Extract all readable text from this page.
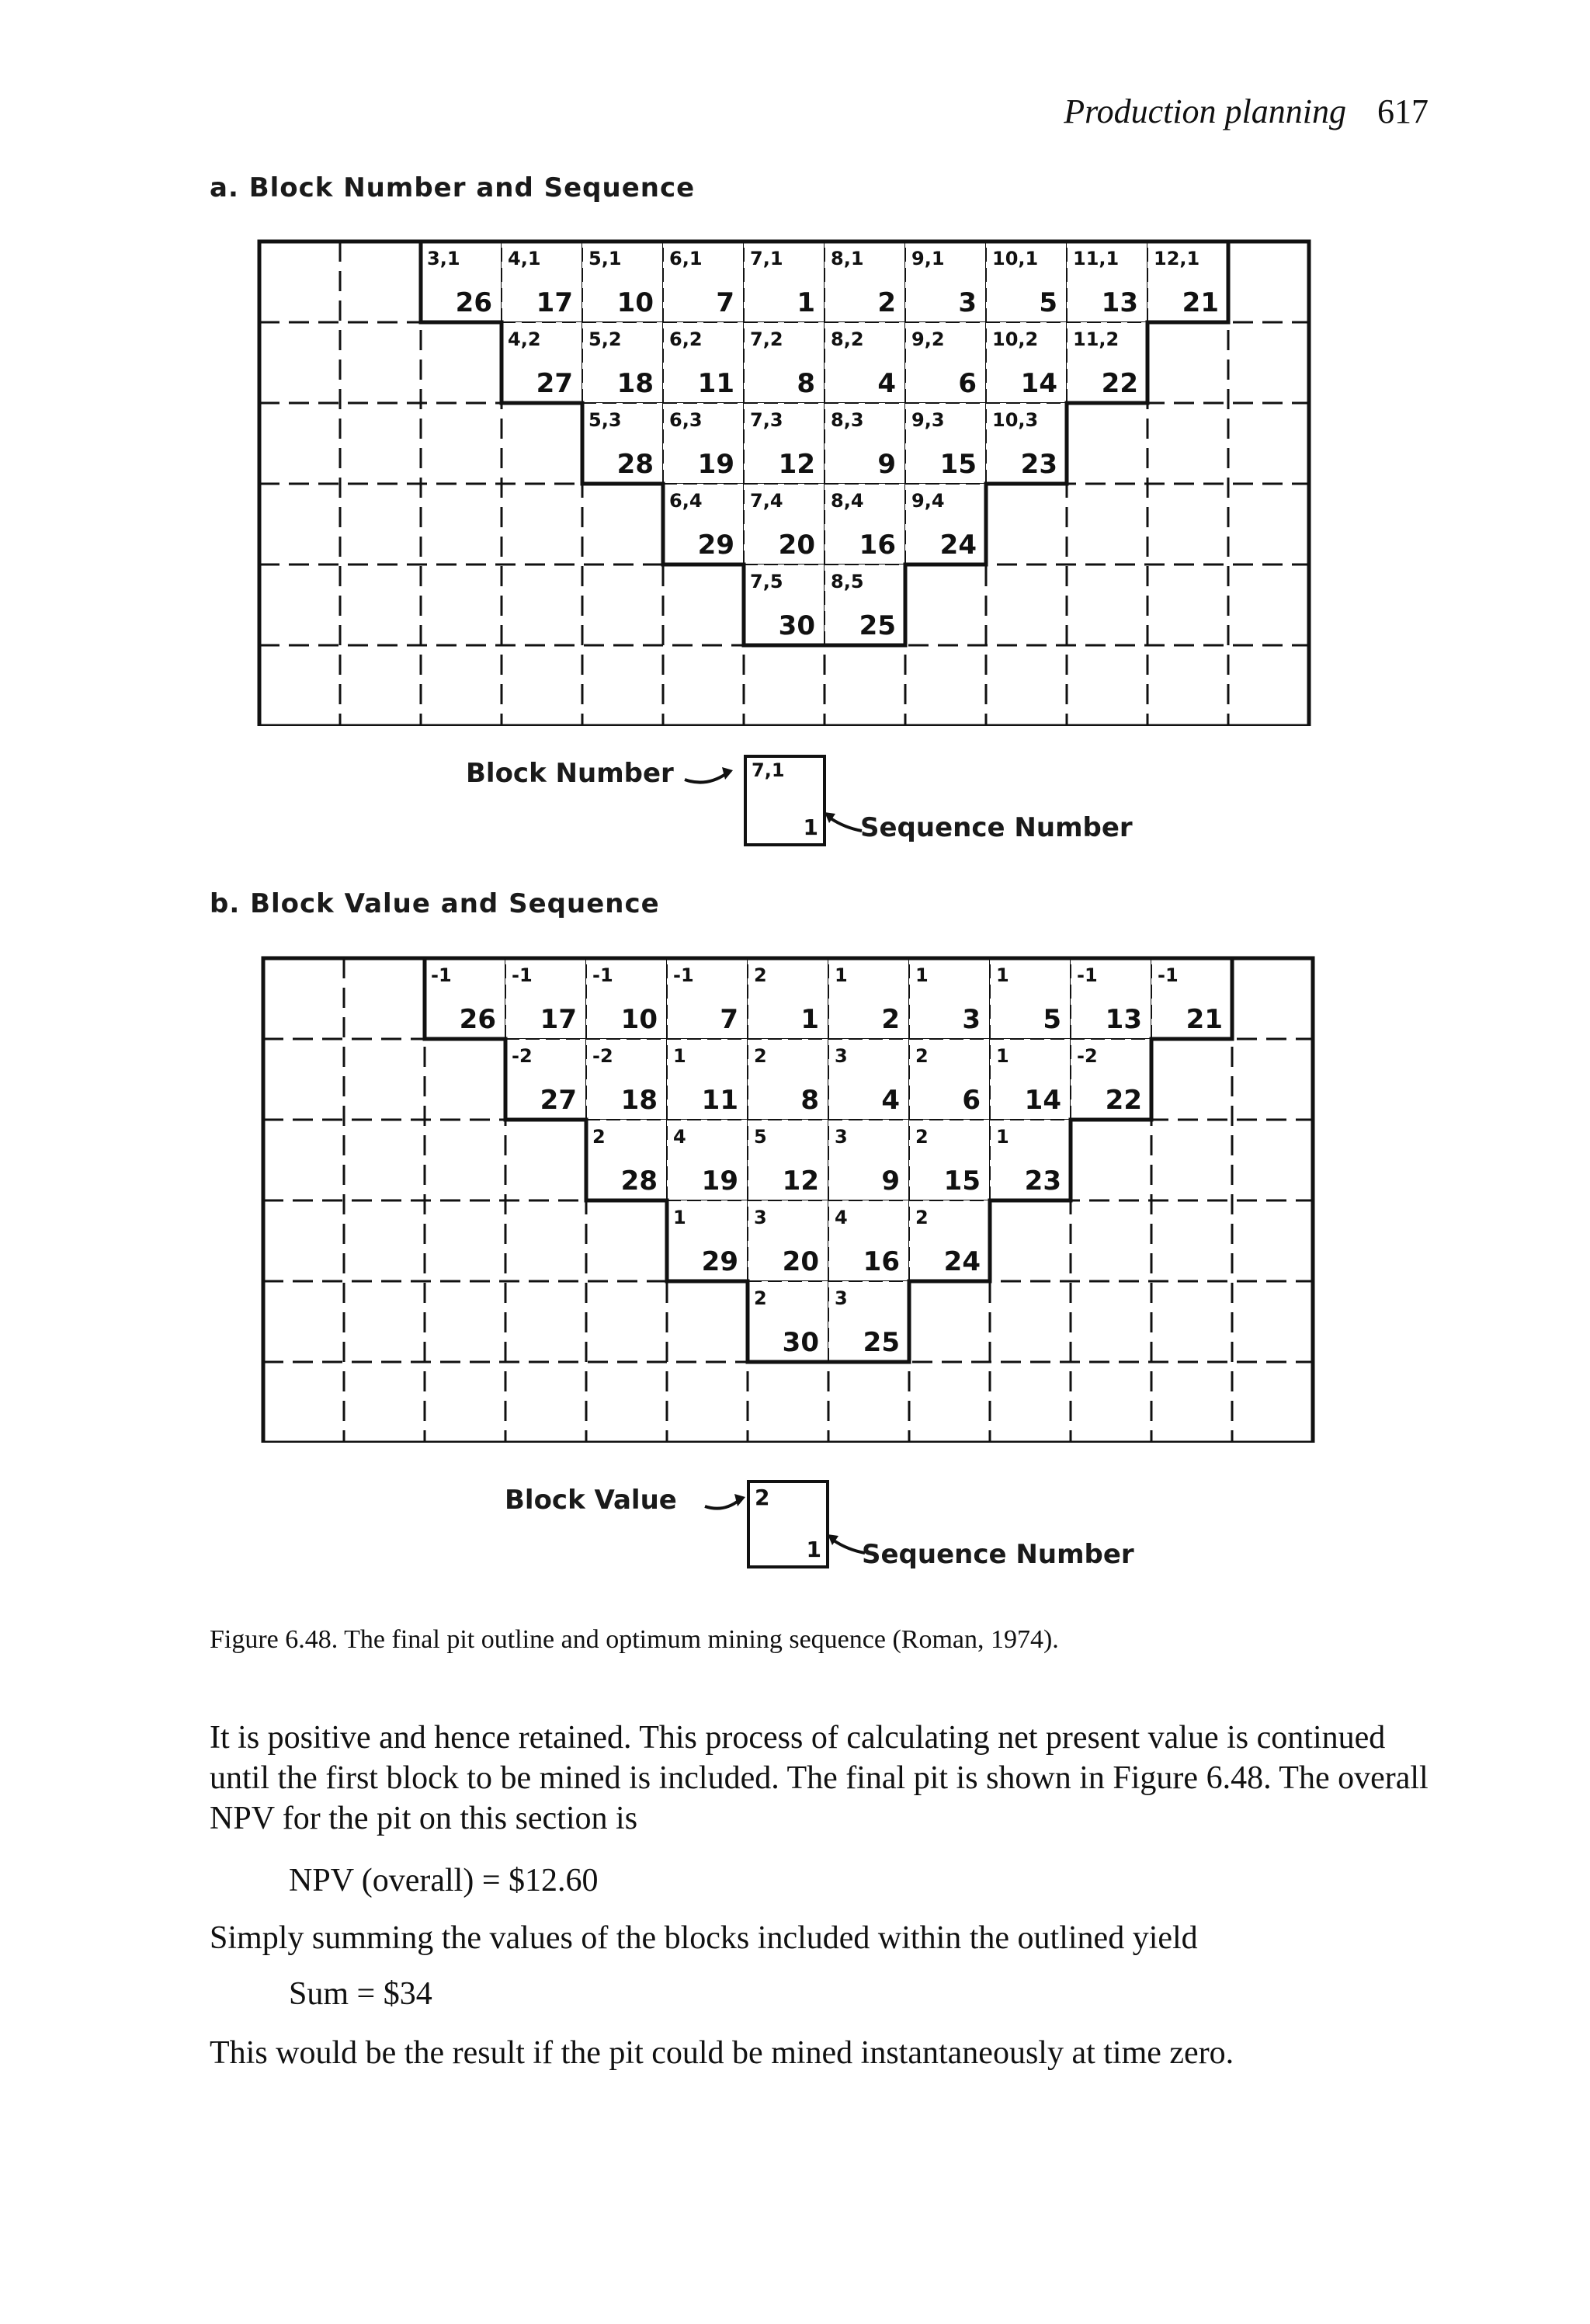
Production planning 617
a. Block Number and Sequence
3,1
26
4,1
17
5,1
10
6,1
7
7,1
1
8,1
2
9,1
3
10,1
5
11,1
13
12,1
21
4,2
27
5,2
18
6,2
11
7,2
8
8,2
4
9,2
6
10,2
14
11,2
22
5,3
28
6,3
19
7,3
12
8,3
9
9,3
15
10,3
23
6,4
29
7,4
20
8,4
16
9,4
24
7,5
30
8,5
25
Block Number	7,1
1 Sequence Number
b. Block Value and Sequence
-1
26
-1
17
-1
10
-1
7
2
1
1
2
1
3
1
5
-1
13
-1
21
-2
27
-2
18
1
11
2
8
3
4
2
6
1
14
-2
22
2
28
4
19
5
12
3
9
2
15
1
23
1
29
3
20
4
16
2
24
2
30
3
25
Block Value	2
1 Sequence Number
Figure 6.48. The final pit outline and optimum mining sequence (Roman, 1974).
It is positive and hence retained. This process of calculating net present value is continued until the first block to be mined is included. The final pit is shown in Figure 6.48. The overall NPV for the pit on this section is
NPV (overall) = $12.60
Simply summing the values of the blocks included within the outlined yield
Sum = $34
This would be the result if the pit could be mined instantaneously at time zero.
